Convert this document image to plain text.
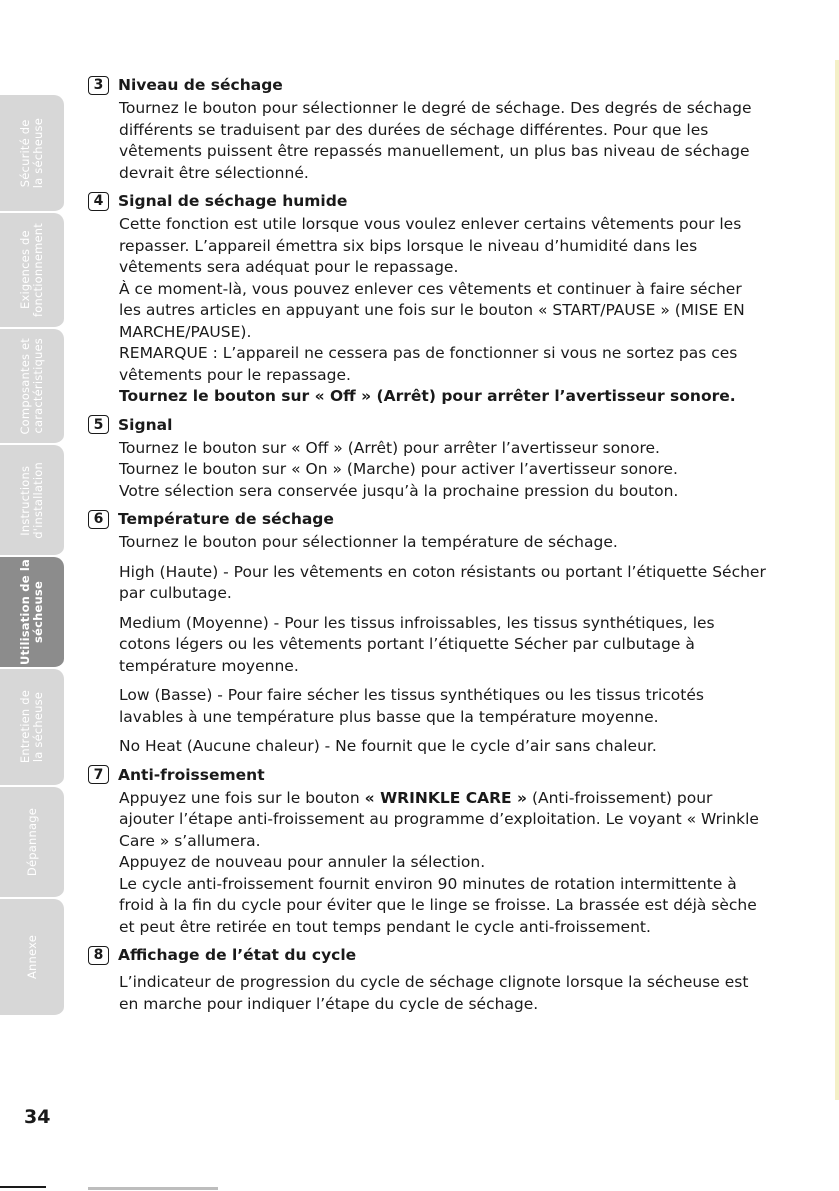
Sécurité de
la sécheuse
Exigences de
fonctionnement
Composantes et
caractéristiques
Instructions
d'installation
Utilisation de la
sécheuse
Entretien de
la sécheuse
Dépannage
Annexe
3 Niveau de séchage

Tournez le bouton pour sélectionner le degré de séchage. Des degrés de séchage différents se traduisent par des durées de séchage différentes. Pour que les vêtements puissent être repassés manuellement, un plus bas niveau de séchage devrait être sélectionné.

4 Signal de séchage humide

Cette fonction est utile lorsque vous voulez enlever certains vêtements pour les repasser. L’appareil émettra six bips lorsque le niveau d’humidité dans les vêtements sera adéquat pour le repassage.

À ce moment-là, vous pouvez enlever ces vêtements et continuer à faire sécher les autres articles en appuyant une fois sur le bouton « START/PAUSE » (MISE EN MARCHE/PAUSE).

REMARQUE : L’appareil ne cessera pas de fonctionner si vous ne sortez pas ces vêtements pour le repassage.

Tournez le bouton sur « Off » (Arrêt) pour arrêter l’avertisseur sonore.

5 Signal

Tournez le bouton sur « Off » (Arrêt) pour arrêter l’avertisseur sonore.

Tournez le bouton sur « On » (Marche) pour activer l’avertisseur sonore.

Votre sélection sera conservée jusqu’à la prochaine pression du bouton.

6 Température de séchage

Tournez le bouton pour sélectionner la température de séchage.

High (Haute) - Pour les vêtements en coton résistants ou portant l’étiquette Sécher par culbutage.

Medium (Moyenne) - Pour les tissus infroissables, les tissus synthétiques, les cotons légers ou les vêtements portant l’étiquette Sécher par culbutage à température moyenne.

Low (Basse) - Pour faire sécher les tissus synthétiques ou les tissus tricotés lavables à une température plus basse que la température moyenne.

No Heat (Aucune chaleur) - Ne fournit que le cycle d’air sans chaleur.

7 Anti-froissement

Appuyez une fois sur le bouton « WRINKLE CARE » (Anti-froissement) pour ajouter l’étape anti-froissement au programme d’exploitation. Le voyant « Wrinkle Care » s’allumera.

Appuyez de nouveau pour annuler la sélection.

Le cycle anti-froissement fournit environ 90 minutes de rotation intermittente à froid à la fin du cycle pour éviter que le linge se froisse. La brassée est déjà sèche et peut être retirée en tout temps pendant le cycle anti-froissement.

8 Affichage de l’état du cycle

L’indicateur de progression du cycle de séchage clignote lorsque la sécheuse est en marche pour indiquer l’étape du cycle de séchage.

34
